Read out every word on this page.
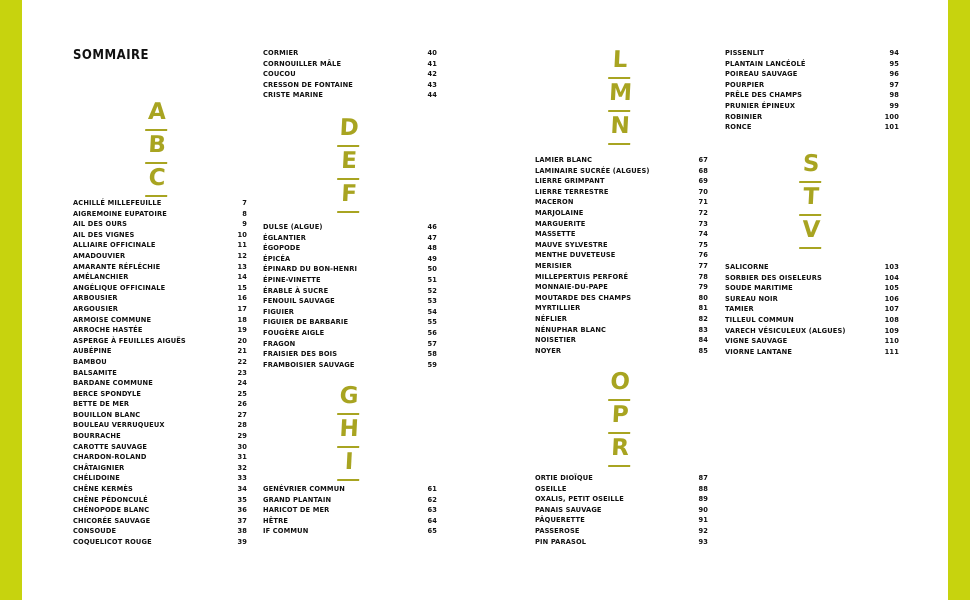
SOMMAIRE
A
B
C
ACHILLÉ MILLEFEUILLE	7
AIGREMOINE EUPATOIRE	8
AIL DES OURS	9
AIL DES VIGNES	10
ALLIAIRE OFFICINALE	11
AMADOUVIER	12
AMARANTE RÉFLÉCHIE	13
AMÉLANCHIER	14
ANGÉLIQUE OFFICINALE	15
ARBOUSIER	16
ARGOUSIER	17
ARMOISE COMMUNE	18
ARROCHE HASTÉE	19
ASPERGE À FEUILLES AIGUËS	20
AUBÉPINE	21
BAMBOU	22
BALSAMITE	23
BARDANE COMMUNE	24
BERCE SPONDYLE	25
BETTE DE MER	26
BOUILLON BLANC	27
BOULEAU VERRUQUEUX	28
BOURRACHE	29
CAROTTE SAUVAGE	30
CHARDON-ROLAND	31
CHÂTAIGNIER	32
CHÉLIDOINE	33
CHÊNE KERMÈS	34
CHÊNE PÉDONCULÉ	35
CHÉNOPODE BLANC	36
CHICORÉE SAUVAGE	37
CONSOUDE	38
COQUELICOT ROUGE	39
CORMIER	40
CORNOUILLER MÂLE	41
COUCOU	42
CRESSON DE FONTAINE	43
CRISTE MARINE	44
D
E
F
DULSE (ALGUE)	46
ÉGLANTIER	47
ÉGOPODE	48
ÉPICÉA	49
ÉPINARD DU BON-HENRI	50
ÉPINE-VINETTE	51
ÉRABLE À SUCRE	52
FENOUIL SAUVAGE	53
FIGUIER	54
FIGUIER DE BARBARIE	55
FOUGÈRE AIGLE	56
FRAGON	57
FRAISIER DES BOIS	58
FRAMBOISIER SAUVAGE	59
G
H
I
GENÉVRIER COMMUN	61
GRAND PLANTAIN	62
HARICOT DE MER	63
HÊTRE	64
IF COMMUN	65
L
M
N
LAMIER BLANC	67
LAMINAIRE SUCRÉE (ALGUES)	68
LIERRE GRIMPANT	69
LIERRE TERRESTRE	70
MACERON	71
MARJOLAINE	72
MARGUERITE	73
MASSETTE	74
MAUVE SYLVESTRE	75
MENTHE DUVETEUSE	76
MERISIER	77
MILLEPERTUIS PERFORÉ	78
MONNAIE-DU-PAPE	79
MOUTARDE DES CHAMPS	80
MYRTILLIER	81
NÉFLIER	82
NÉNUPHAR BLANC	83
NOISETIER	84
NOYER	85
O
P
R
ORTIE DIOÏQUE	87
OSEILLE	88
OXALIS, PETIT OSEILLE	89
PANAIS SAUVAGE	90
PÂQUERETTE	91
PASSEROSE	92
PIN PARASOL	93
PISSENLIT	94
PLANTAIN LANCÉOLÉ	95
POIREAU SAUVAGE	96
POURPIER	97
PRÊLE DES CHAMPS	98
PRUNIER ÉPINEUX	99
ROBINIER	100
RONCE	101
S
T
V
SALICORNE	103
SORBIER DES OISELEURS	104
SOUDE MARITIME	105
SUREAU NOIR	106
TAMIER	107
TILLEUL COMMUN	108
VARECH VÉSICULEUX (ALGUES)	109
VIGNE SAUVAGE	110
VIORNE LANTANE	111
